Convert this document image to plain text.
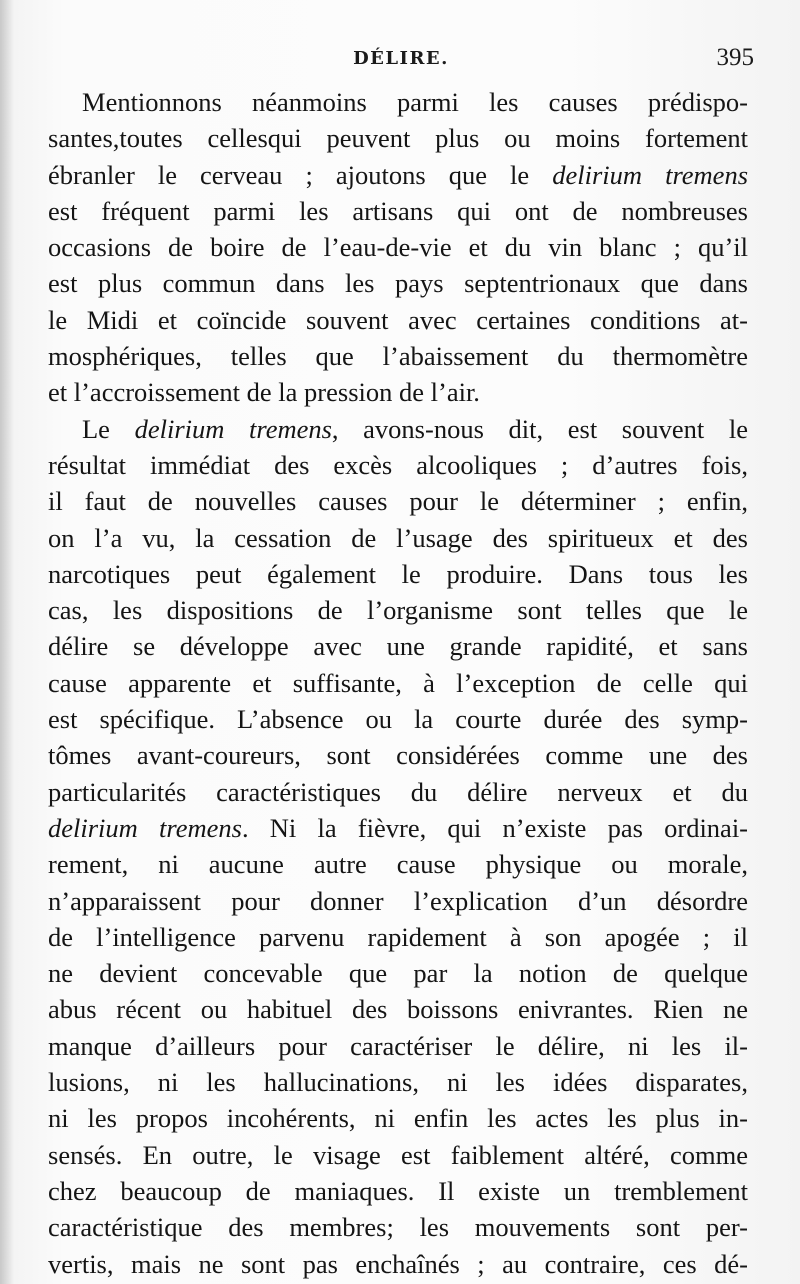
DÉLIRE.	395
Mentionnons néanmoins parmi les causes prédispo-
santes,toutes cellesqui peuvent plus ou moins fortement
ébranler le cerveau ; ajoutons que le delirium tremens
est fréquent parmi les artisans qui ont de nombreuses
occasions de boire de l’eau-de-vie et du vin blanc ; qu’il
est plus commun dans les pays septentrionaux que dans
le Midi et coïncide souvent avec certaines conditions at-
mosphériques, telles que l’abaissement du thermomètre
et l’accroissement de la pression de l’air.
Le delirium tremens, avons-nous dit, est souvent le
résultat immédiat des excès alcooliques ; d’autres fois,
il faut de nouvelles causes pour le déterminer ; enfin,
on l’a vu, la cessation de l’usage des spiritueux et des
narcotiques peut également le produire. Dans tous les
cas, les dispositions de l’organisme sont telles que le
délire se développe avec une grande rapidité, et sans
cause apparente et suffisante, à l’exception de celle qui
est spécifique. L’absence ou la courte durée des symp-
tômes avant-coureurs, sont considérées comme une des
particularités caractéristiques du délire nerveux et du
delirium tremens. Ni la fièvre, qui n’existe pas ordinai-
rement, ni aucune autre cause physique ou morale,
n’apparaissent pour donner l’explication d’un désordre
de l’intelligence parvenu rapidement à son apogée ; il
ne devient concevable que par la notion de quelque
abus récent ou habituel des boissons enivrantes. Rien ne
manque d’ailleurs pour caractériser le délire, ni les il-
lusions, ni les hallucinations, ni les idées disparates,
ni les propos incohérents, ni enfin les actes les plus in-
sensés. En outre, le visage est faiblement altéré, comme
chez beaucoup de maniaques. Il existe un tremblement
caractéristique des membres; les mouvements sont per-
vertis, mais ne sont pas enchaînés ; au contraire, ces dé-
